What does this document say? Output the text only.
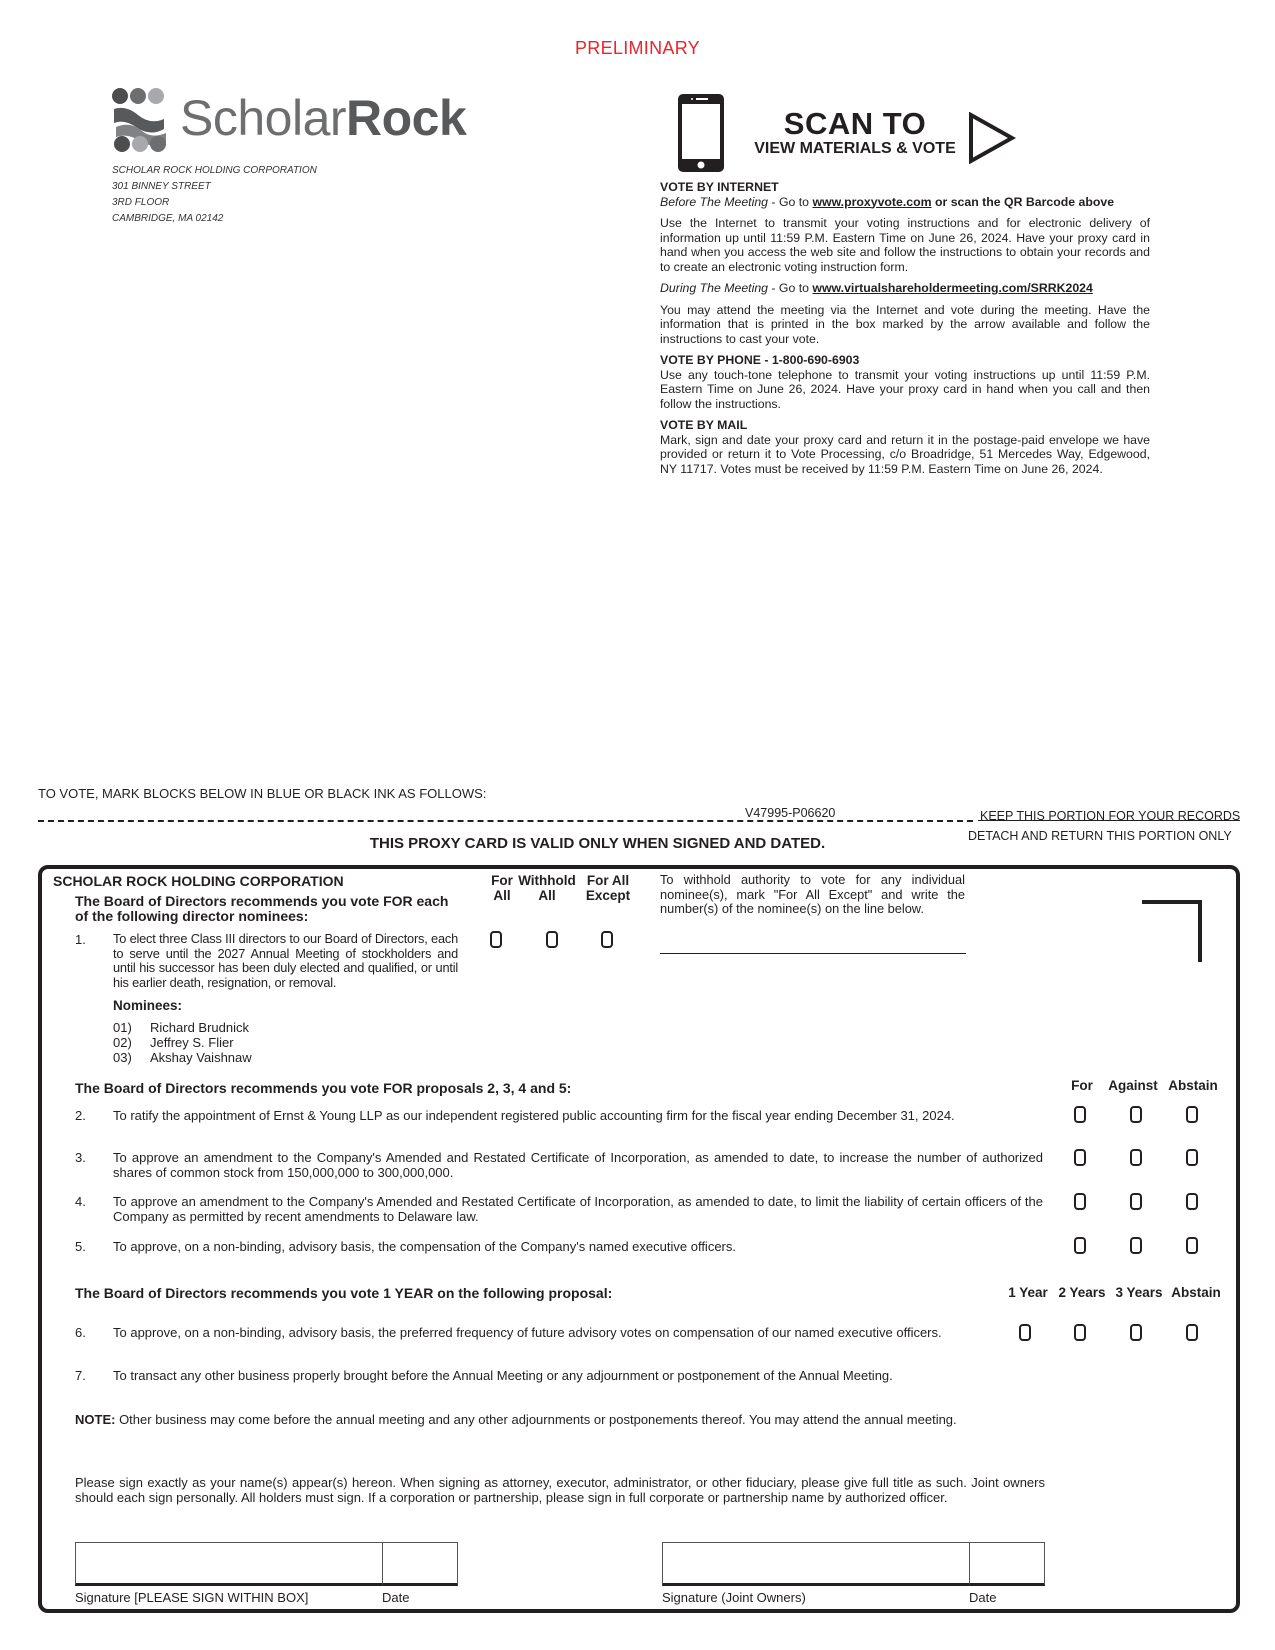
PRELIMINARY
ScholarRock
SCHOLAR ROCK HOLDING CORPORATION
301 BINNEY STREET
3RD FLOOR
CAMBRIDGE, MA 02142
SCAN TO
VIEW MATERIALS & VOTE
VOTE BY INTERNET
Before The Meeting - Go to www.proxyvote.com or scan the QR Barcode above

Use the Internet to transmit your voting instructions and for electronic delivery of information up until 11:59 P.M. Eastern Time on June 26, 2024. Have your proxy card in hand when you access the web site and follow the instructions to obtain your records and to create an electronic voting instruction form.

During The Meeting - Go to www.virtualshareholdermeeting.com/SRRK2024

You may attend the meeting via the Internet and vote during the meeting. Have the information that is printed in the box marked by the arrow available and follow the instructions to cast your vote.

VOTE BY PHONE - 1-800-690-6903

Use any touch-tone telephone to transmit your voting instructions up until 11:59 P.M. Eastern Time on June 26, 2024. Have your proxy card in hand when you call and then follow the instructions.

VOTE BY MAIL

Mark, sign and date your proxy card and return it in the postage-paid envelope we have provided or return it to Vote Processing, c/o Broadridge, 51 Mercedes Way, Edgewood, NY 11717. Votes must be received by 11:59 P.M. Eastern Time on June 26, 2024.

TO VOTE, MARK BLOCKS BELOW IN BLUE OR BLACK INK AS FOLLOWS:
V47995-P06620	KEEP THIS PORTION FOR YOUR RECORDS
DETACH AND RETURN THIS PORTION ONLY
THIS PROXY CARD IS VALID ONLY WHEN SIGNED AND DATED.
SCHOLAR ROCK HOLDING CORPORATION
The Board of Directors recommends you vote FOR each of the following director nominees:
For
All
Withhold
All
For All
Except
To withhold authority to vote for any individual nominee(s), mark "For All Except" and write the number(s) of the nominee(s) on the line below.
1. To elect three Class III directors to our Board of Directors, each to serve until the 2027 Annual Meeting of stockholders and until his successor has been duly elected and qualified, or until his earlier death, resignation, or removal.
Nominees:
01) Richard Brudnick
02) Jeffrey S. Flier
03) Akshay Vaishnaw
The Board of Directors recommends you vote FOR proposals 2, 3, 4 and 5:	For	Against Abstain
2. To ratify the appointment of Ernst & Young LLP as our independent registered public accounting firm for the fiscal year ending December 31, 2024.
3. To approve an amendment to the Company's Amended and Restated Certificate of Incorporation, as amended to date, to increase the number of authorized shares of common stock from 150,000,000 to 300,000,000.
4. To approve an amendment to the Company's Amended and Restated Certificate of Incorporation, as amended to date, to limit the liability of certain officers of the Company as permitted by recent amendments to Delaware law.
5. To approve, on a non-binding, advisory basis, the compensation of the Company's named executive officers.
The Board of Directors recommends you vote 1 YEAR on the following proposal:	1 Year 2 Years 3 Years Abstain
6. To approve, on a non-binding, advisory basis, the preferred frequency of future advisory votes on compensation of our named executive officers.
7. To transact any other business properly brought before the Annual Meeting or any adjournment or postponement of the Annual Meeting.
NOTE: Other business may come before the annual meeting and any other adjournments or postponements thereof. You may attend the annual meeting.
Please sign exactly as your name(s) appear(s) hereon. When signing as attorney, executor, administrator, or other fiduciary, please give full title as such. Joint owners should each sign personally. All holders must sign. If a corporation or partnership, please sign in full corporate or partnership name by authorized officer.
Signature [PLEASE SIGN WITHIN BOX]	Date	Signature (Joint Owners)	Date
